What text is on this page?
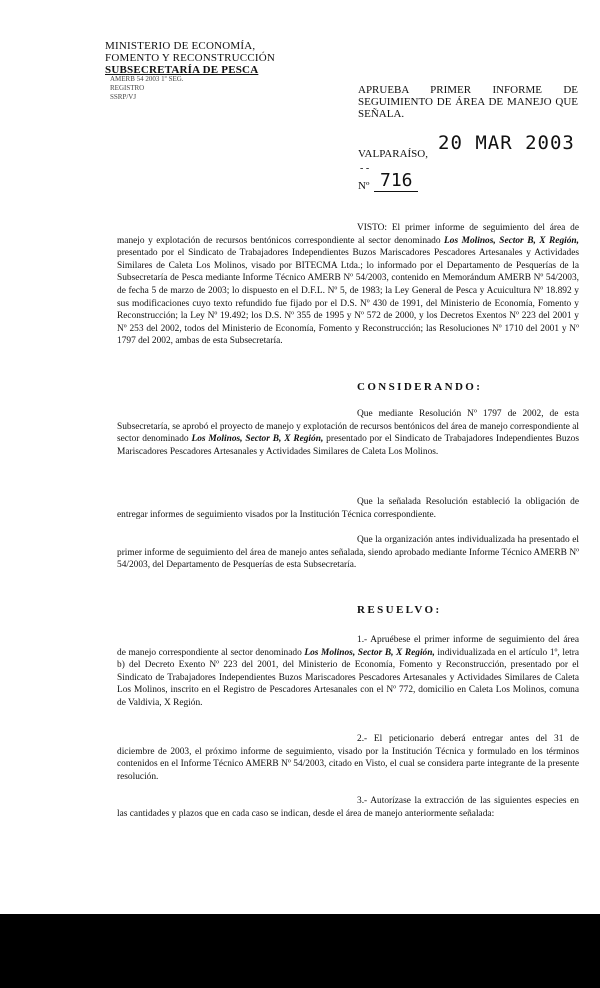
MINISTERIO DE ECONOMÍA,
FOMENTO Y RECONSTRUCCIÓN
SUBSECRETARÍA DE PESCA
AMERB 54 2003 1º SEG.
REGISTRO
SSRP/VJ
APRUEBA PRIMER INFORME DE SEGUIMIENTO DE ÁREA DE MANEJO QUE SEÑALA.
20 MAR 2003
VALPARAÍSO,
- -
Nº 716
VISTO: El primer informe de seguimiento del área de manejo y explotación de recursos bentónicos correspondiente al sector denominado Los Molinos, Sector B, X Región, presentado por el Sindicato de Trabajadores Independientes Buzos Mariscadores Pescadores Artesanales y Actividades Similares de Caleta Los Molinos, visado por BITECMA Ltda.; lo informado por el Departamento de Pesquerías de la Subsecretaría de Pesca mediante Informe Técnico AMERB Nº 54/2003, contenido en Memorándum AMERB Nº 54/2003, de fecha 5 de marzo de 2003; lo dispuesto en el D.F.L. Nº 5, de 1983; la Ley General de Pesca y Acuicultura Nº 18.892 y sus modificaciones cuyo texto refundido fue fijado por el D.S. Nº 430 de 1991, del Ministerio de Economía, Fomento y Reconstrucción; la Ley Nº 19.492; los D.S. Nº 355 de 1995 y Nº 572 de 2000, y los Decretos Exentos Nº 223 del 2001 y Nº 253 del 2002, todos del Ministerio de Economía, Fomento y Reconstrucción; las Resoluciones Nº 1710 del 2001 y Nº 1797 del 2002, ambas de esta Subsecretaría.
CONSIDERANDO:
Que mediante Resolución Nº 1797 de 2002, de esta Subsecretaría, se aprobó el proyecto de manejo y explotación de recursos bentónicos del área de manejo correspondiente al sector denominado Los Molinos, Sector B, X Región, presentado por el Sindicato de Trabajadores Independientes Buzos Mariscadores Pescadores Artesanales y Actividades Similares de Caleta Los Molinos.
Que la señalada Resolución estableció la obligación de entregar informes de seguimiento visados por la Institución Técnica correspondiente.
Que la organización antes individualizada ha presentado el primer informe de seguimiento del área de manejo antes señalada, siendo aprobado mediante Informe Técnico AMERB Nº 54/2003, del Departamento de Pesquerías de esta Subsecretaría.
RESUELVO:
1.- Apruébese el primer informe de seguimiento del área de manejo correspondiente al sector denominado Los Molinos, Sector B, X Región, individualizada en el artículo 1º, letra b) del Decreto Exento Nº 223 del 2001, del Ministerio de Economía, Fomento y Reconstrucción, presentado por el Sindicato de Trabajadores Independientes Buzos Mariscadores Pescadores Artesanales y Actividades Similares de Caleta Los Molinos, inscrito en el Registro de Pescadores Artesanales con el Nº 772, domicilio en Caleta Los Molinos, comuna de Valdivia, X Región.
2.- El peticionario deberá entregar antes del 31 de diciembre de 2003, el próximo informe de seguimiento, visado por la Institución Técnica y formulado en los términos contenidos en el Informe Técnico AMERB Nº 54/2003, citado en Visto, el cual se considera parte integrante de la presente resolución.
3.- Autorízase la extracción de las siguientes especies en las cantidades y plazos que en cada caso se indican, desde el área de manejo anteriormente señalada:
